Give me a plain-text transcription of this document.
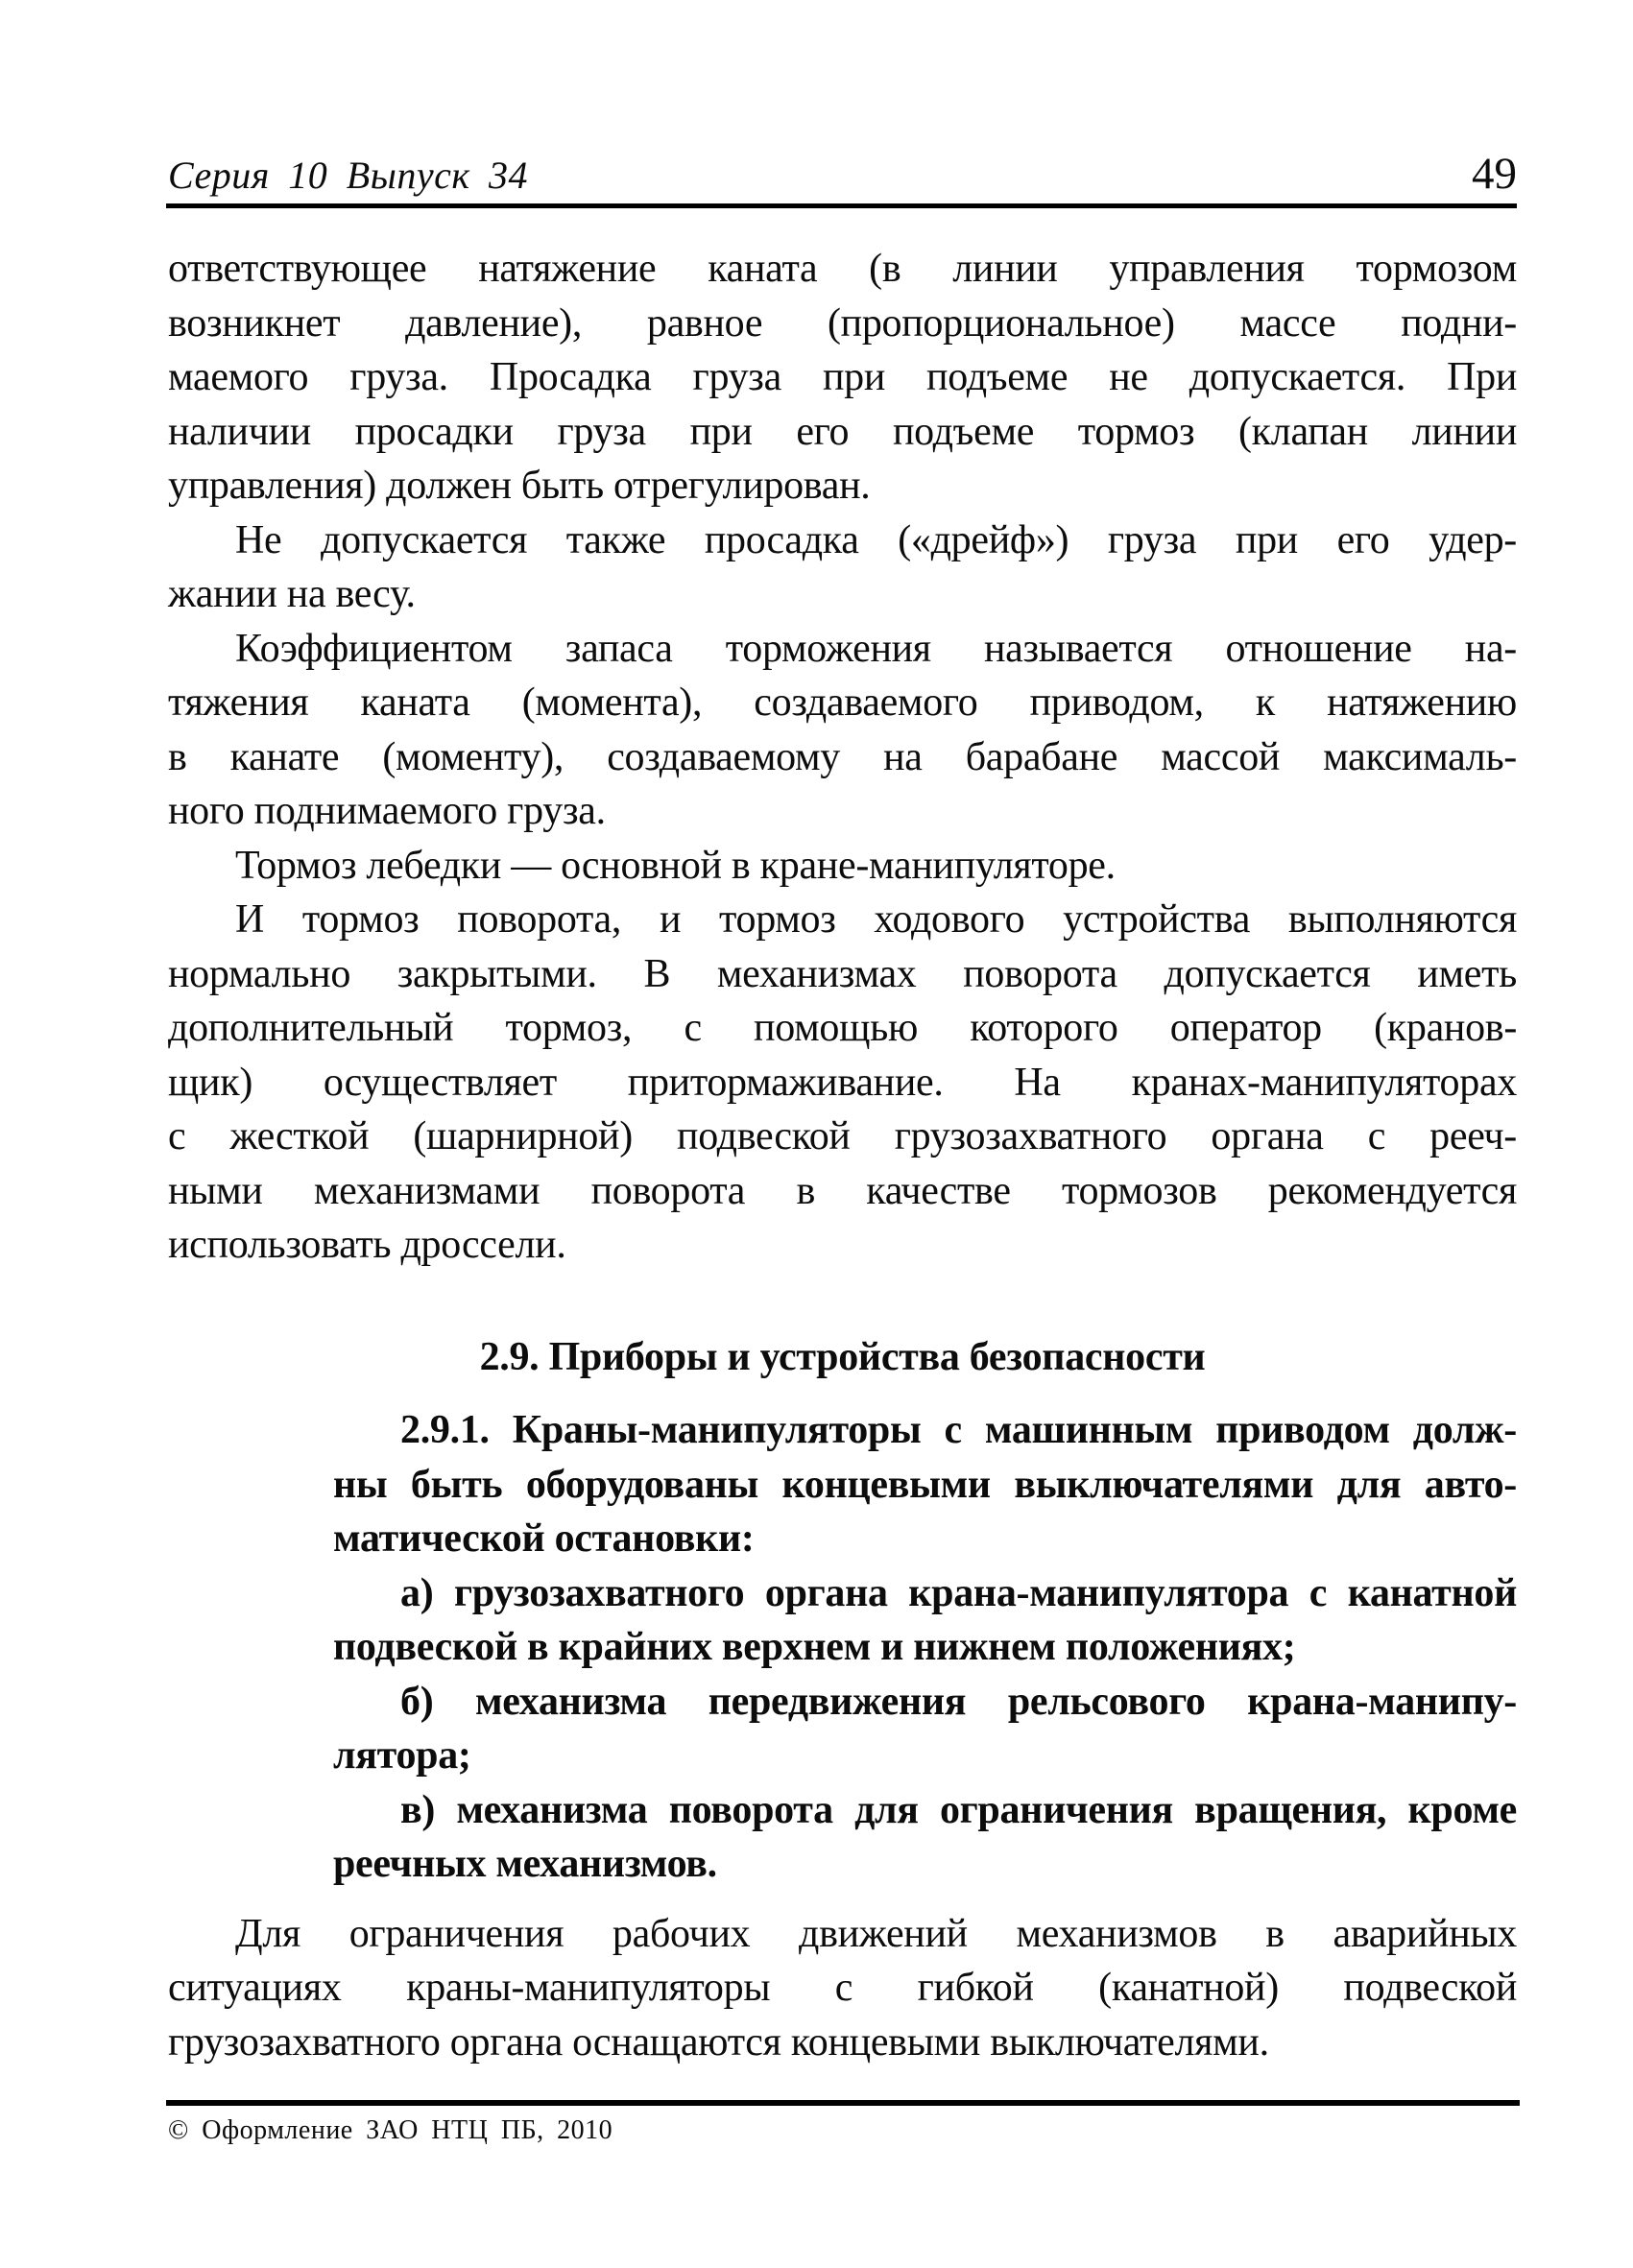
Серия 10 Выпуск 34	49

ответствующее натяжение каната (в линии управления тормозом
возникнет давление), равное (пропорциональное) массе подни-
маемого груза. Просадка груза при подъеме не допускается. При
наличии просадки груза при его подъеме тормоз (клапан линии
управления) должен быть отрегулирован.

Не допускается также просадка («дрейф») груза при его удер-
жании на весу.

Коэффициентом запаса торможения называется отношение на-
тяжения каната (момента), создаваемого приводом, к натяжению
в канате (моменту), создаваемому на барабане массой максималь-
ного поднимаемого груза.

Тормоз лебедки — основной в кране-манипуляторе.

И тормоз поворота, и тормоз ходового устройства выполняются
нормально закрытыми. В механизмах поворота допускается иметь
дополнительный тормоз, с помощью которого оператор (кранов-
щик) осуществляет притормаживание. На кранах-манипуляторах
с жесткой (шарнирной) подвеской грузозахватного органа с рееч-
ными механизмами поворота в качестве тормозов рекомендуется
использовать дроссели.

2.9. Приборы и устройства безопасности

2.9.1. Краны-манипуляторы с машинным приводом долж-
ны быть оборудованы концевыми выключателями для авто-
матической остановки:

а) грузозахватного органа крана-манипулятора с канатной
подвеской в крайних верхнем и нижнем положениях;

б) механизма передвижения рельсового крана-манипу-
лятора;

в) механизма поворота для ограничения вращения, кроме
реечных механизмов.

Для ограничения рабочих движений механизмов в аварийных
ситуациях краны-манипуляторы с гибкой (канатной) подвеской
грузозахватного органа оснащаются концевыми выключателями.

© Оформление ЗАО НТЦ ПБ, 2010
